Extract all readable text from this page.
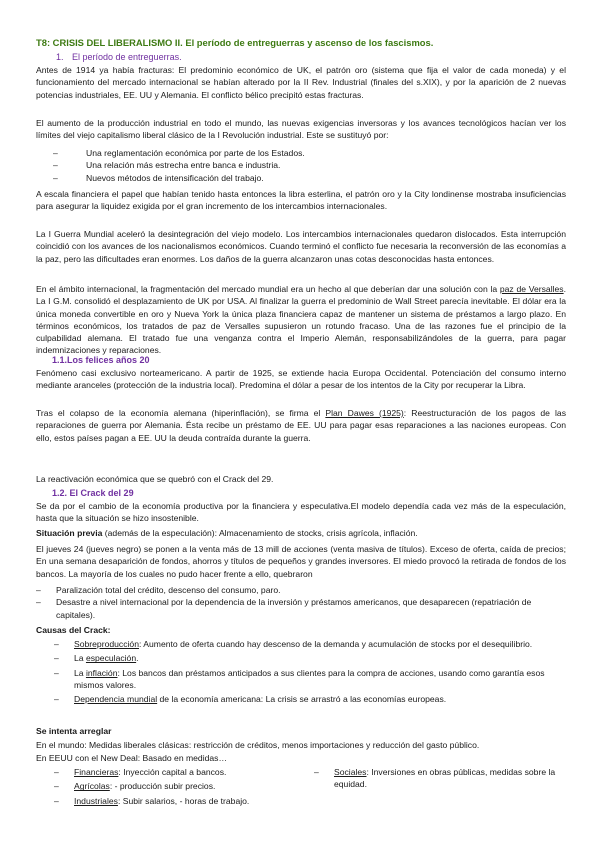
T8: CRISIS DEL LIBERALISMO II. El período de entreguerras y ascenso de los fascismos.
1. El período de entreguerras.

Antes de 1914 ya había fracturas: El predominio económico de UK, el patrón oro (sistema que fija el valor de cada moneda) y el funcionamiento del mercado internacional se habían alterado por la II Rev. Industrial (finales del s.XIX), y por la aparición de 2 nuevas potencias industriales, EE. UU y Alemania. El conflicto bélico precipitó estas fracturas.

El aumento de la producción industrial en todo el mundo, las nuevas exigencias inversoras y los avances tecnológicos hacían ver los límites del viejo capitalismo liberal clásico de la I Revolución industrial. Este se sustituyó por:

– Una reglamentación económica por parte de los Estados.
– Una relación más estrecha entre banca e industria.
– Nuevos métodos de intensificación del trabajo.

A escala financiera el papel que habían tenido hasta entonces la libra esterlina, el patrón oro y la City londinense mostraba insuficiencias para asegurar la liquidez exigida por el gran incremento de los intercambios internacionales.

La I Guerra Mundial aceleró la desintegración del viejo modelo. Los intercambios internacionales quedaron dislocados. Esta interrupción coincidió con los avances de los nacionalismos económicos. Cuando terminó el conflicto fue necesaria la reconversión de las economías a la paz, pero las dificultades eran enormes. Los daños de la guerra alcanzaron unas cotas desconocidas hasta entonces.

En el ámbito internacional, la fragmentación del mercado mundial era un hecho al que deberían dar una solución con la paz de Versalles. La I G.M. consolidó el desplazamiento de UK por USA. Al finalizar la guerra el predominio de Wall Street parecía inevitable. El dólar era la única moneda convertible en oro y Nueva York la única plaza financiera capaz de mantener un sistema de préstamos a largo plazo. En términos económicos, los tratados de paz de Versalles supusieron un rotundo fracaso. Una de las razones fue el principio de la culpabilidad alemana. El tratado fue una venganza contra el Imperio Alemán, responsabilizándoles de la guerra, para pagar indemnizaciones y reparaciones.

1.1.Los felices años 20

Fenómeno casi exclusivo norteamericano. A partir de 1925, se extiende hacia Europa Occidental. Potenciación del consumo interno mediante aranceles (protección de la industria local). Predomina el dólar a pesar de los intentos de la City por recuperar la Libra.

Tras el colapso de la economía alemana (hiperinflación), se firma el Plan Dawes (1925): Reestructuración de los pagos de las reparaciones de guerra por Alemania. Ésta recibe un préstamo de EE. UU para pagar esas reparaciones a las naciones europeas. Con ello, estos países pagan a EE. UU la deuda contraída durante la guerra.

La reactivación económica que se quebró con el Crack del 29.

1.2. El Crack del 29

Se da por el cambio de la economía productiva por la financiera y especulativa.El modelo dependía cada vez más de la especulación, hasta que la situación se hizo insostenible.

Situación previa (además de la especulación): Almacenamiento de stocks, crisis agrícola, inflación.

El jueves 24 (jueves negro) se ponen a la venta más de 13 mill de acciones (venta masiva de títulos). Exceso de oferta, caída de precios; En una semana desaparición de fondos, ahorros y títulos de pequeños y grandes inversores. El miedo provocó la retirada de fondos de los bancos. La mayoría de los cuales no pudo hacer frente a ello, quebraron

– Paralización total del crédito, descenso del consumo, paro.
– Desastre a nivel internacional por la dependencia de la inversión y préstamos americanos, que desaparecen (repatriación de capitales).
Causas del Crack:
– Sobreproducción: Aumento de oferta cuando hay descenso de la demanda y acumulación de stocks por el desequilibrio.
– La especulación.
– La inflación: Los bancos dan préstamos anticipados a sus clientes para la compra de acciones, usando como garantía esos mismos valores.
– Dependencia mundial de la economía americana: La crisis se arrastró a las economías europeas.
Se intenta arreglar

En el mundo: Medidas liberales clásicas: restricción de créditos, menos importaciones y reducción del gasto público.

En EEUU con el New Deal: Basado en medidas…

– Financieras: Inyección capital a bancos.
– Agrícolas: - producción subir precios.
– Industriales: Subir salarios, - horas de trabajo.
– Sociales: Inversiones en obras públicas, medidas sobre la equidad.
